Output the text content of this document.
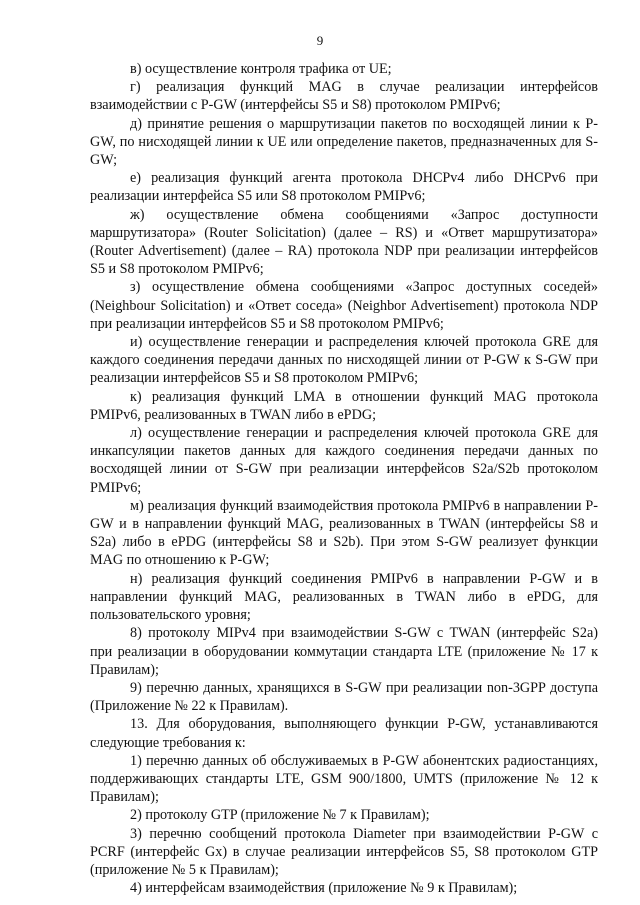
9

в) осуществление контроля трафика от UE;

г) реализация функций MAG в случае реализации интерфейсов взаимодействии с P-GW (интерфейсы S5 и S8) протоколом PMIPv6;

д) принятие решения о маршрутизации пакетов по восходящей линии к P-GW, по нисходящей линии к UE или определение пакетов, предназначенных для S-GW;

е) реализация функций агента протокола DHCPv4 либо DHCPv6 при реализации интерфейса S5 или S8 протоколом PMIPv6;

ж) осуществление обмена сообщениями «Запрос доступности маршрутизатора» (Router Solicitation) (далее – RS) и «Ответ маршрутизатора» (Router Advertisement) (далее – RA) протокола NDP при реализации интерфейсов S5 и S8 протоколом PMIPv6;

з) осуществление обмена сообщениями «Запрос доступных соседей» (Neighbour Solicitation) и «Ответ соседа» (Neighbor Advertisement) протокола NDP при реализации интерфейсов S5 и S8 протоколом PMIPv6;

и) осуществление генерации и распределения ключей протокола GRE для каждого соединения передачи данных по нисходящей линии от P-GW к S-GW при реализации интерфейсов S5 и S8 протоколом PMIPv6;

к) реализация функций LMA в отношении функций MAG протокола PMIPv6, реализованных в TWAN либо в ePDG;

л) осуществление генерации и распределения ключей протокола GRE для инкапсуляции пакетов данных для каждого соединения передачи данных по восходящей линии от S-GW при реализации интерфейсов S2a/S2b протоколом PMIPv6;

м) реализация функций взаимодействия протокола PMIPv6 в направлении P-GW и в направлении функций MAG, реализованных в TWAN (интерфейсы S8 и S2a) либо в ePDG (интерфейсы S8 и S2b). При этом S-GW реализует функции MAG по отношению к P-GW;

н) реализация функций соединения PMIPv6 в направлении P-GW и в направлении функций MAG, реализованных в TWAN либо в ePDG, для пользовательского уровня;

8) протоколу MIPv4 при взаимодействии S-GW с TWAN (интерфейс S2a) при реализации в оборудовании коммутации стандарта LTE (приложение № 17 к Правилам);

9) перечню данных, хранящихся в S-GW при реализации non-3GPP доступа (Приложение № 22 к Правилам).

13. Для оборудования, выполняющего функции P-GW, устанавливаются следующие требования к:

1) перечню данных об обслуживаемых в P-GW абонентских радиостанциях, поддерживающих стандарты LTE, GSM 900/1800, UMTS (приложение № 12 к Правилам);

2) протоколу GTP (приложение № 7 к Правилам);

3) перечню сообщений протокола Diameter при взаимодействии P-GW с PCRF (интерфейс Gx) в случае реализации интерфейсов S5, S8 протоколом GTP (приложение № 5 к Правилам);

4) интерфейсам взаимодействия (приложение № 9 к Правилам);
